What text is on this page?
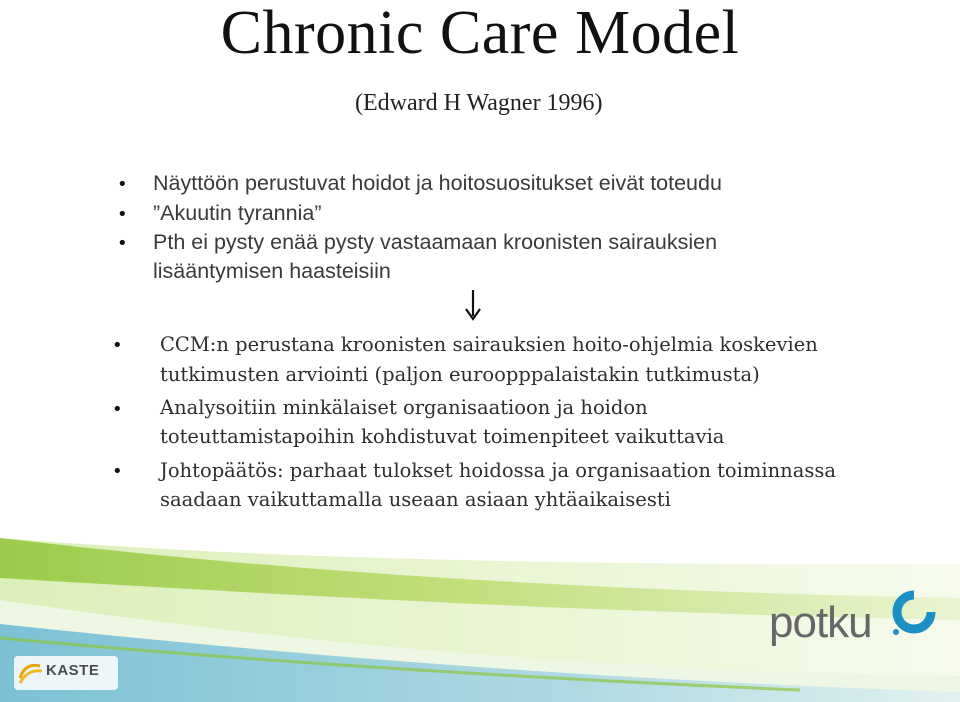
Chronic Care Model
(Edward H Wagner 1996)
• Näyttöön perustuvat hoidot ja hoitosuositukset eivät toteudu
• ”Akuutin tyrannia”
• Pth ei pysty enää pysty vastaamaan kroonisten sairauksien
lisääntymisen haasteisiin
• CCM:n perustana kroonisten sairauksien hoito-ohjelmia koskevien
tutkimusten arviointi (paljon euroopppalaistakin tutkimusta)
• Analysoitiin minkälaiset organisaatioon ja hoidon
toteuttamistapoihin kohdistuvat toimenpiteet vaikuttavia
• Johtopäätös: parhaat tulokset hoidossa ja organisaation toiminnassa
saadaan vaikuttamalla useaan asiaan yhtäaikaisesti
KASTE
potku
